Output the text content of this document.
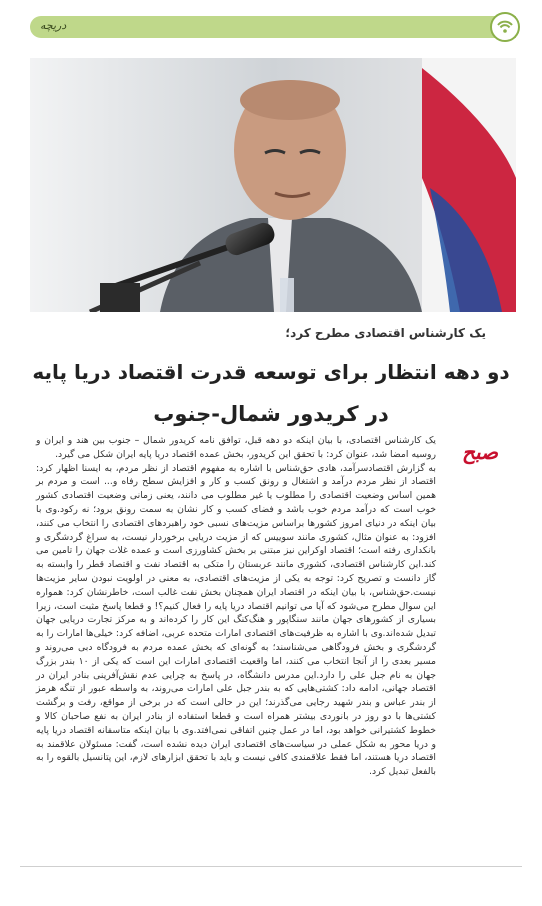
دریچه
یک کارشناس اقتصادی مطرح کرد؛
دو دهه انتظار برای توسعه قدرت اقتصاد دریا پایه
در کریدور شمال-جنوب
صبح
یک کارشناس اقتصادی، با بیان اینکه دو دهه قبل، توافق نامه کریدور شمال – جنوب بین هند و ایران و روسیه امضا شد، عنوان کرد: با تحقق این کریدور، بخش عمده اقتصاد دریا پایه ایران شکل می گیرد.
به گزارش اقتصادسرآمد، هادی حق‌شناس با اشاره به مفهوم اقتصاد از نظر مردم، به ایسنا اظهار کرد: اقتصاد از نظر مردم درآمد و اشتغال و رونق کسب و کار و افزایش سطح رفاه و... است و مردم بر همین اساس وضعیت اقتصادی را مطلوب یا غیر مطلوب می دانند، یعنی زمانی وضعیت اقتصادی کشور خوب است که درآمد مردم خوب باشد و فضای کسب و کار نشان به سمت رونق برود؛ نه رکود.وی با بیان اینکه در دنیای امروز کشورها براساس مزیت‌های نسبی خود راهبردهای اقتصادی را انتخاب می کنند، افزود: به عنوان مثال، کشوری مانند سوییس که از مزیت دریایی برخوردار نیست، به سراغ گردشگری و بانکداری رفته است؛ اقتصاد اوکراین نیز مبتنی بر بخش کشاورزی است و عمده غلات جهان را تامین می کند.این کارشناس اقتصادی، کشوری مانند عربستان را متکی به اقتصاد نفت و اقتصاد قطر را وابسته به گاز دانست و تصریح کرد: توجه به یکی از مزیت‌های اقتصادی، به معنی در اولویت نبودن سایر مزیت‌ها نیست.حق‌شناس، با بیان اینکه در اقتصاد ایران همچنان بخش نفت غالب است، خاطرنشان کرد: همواره این سوال مطرح می‌شود که آیا می توانیم اقتصاد دریا پایه را فعال کنیم؟! و قطعا پاسخ مثبت است، زیرا بسیاری از کشورهای جهان مانند سنگاپور و هنگ‌کنگ این کار را کرده‌اند و به مرکز تجارت دریایی جهان تبدیل شده‌اند.وی با اشاره به ظرفیت‌های اقتصادی امارات متحده عربی، اضافه کرد: خیلی‌ها امارات را به گردشگری و بخش فرودگاهی می‌شناسند؛ به گونه‌ای که بخش عمده مردم به فرودگاه دبی می‌روند و مسیر بعدی را از آنجا انتخاب می کنند، اما واقعیت اقتصادی امارات این است که یکی از ۱۰ بندر بزرگ جهان به نام جبل علی را دارد.این مدرس دانشگاه، در پاسخ به چرایی عدم نقش‌آفرینی بنادر ایران در اقتصاد جهانی، ادامه داد: کشتی‌هایی که به بندر جبل علی امارات می‌روند، به واسطه عبور از تنگه هرمز از بندر عباس و بندر شهید رجایی می‌گذرند؛ این در حالی است که در برخی از مواقع، رفت و برگشت کشتی‌ها با دو روز در بانوردی بیشتر همراه است و قطعا استفاده از بنادر ایران به نفع صاحبان کالا و خطوط کشتیرانی خواهد بود، اما در عمل چنین اتفاقی نمی‌افتد.وی با بیان اینکه متاسفانه اقتصاد دریا پایه و دریا محور به شکل عملی در سیاست‌های اقتصادی ایران دیده نشده است، گفت: مسئولان علاقمند به اقتصاد دریا هستند، اما فقط علاقمندی کافی نیست و باید با تحقق ابزارهای لازم، این پتانسیل بالقوه را به بالفعل تبدیل کرد.
